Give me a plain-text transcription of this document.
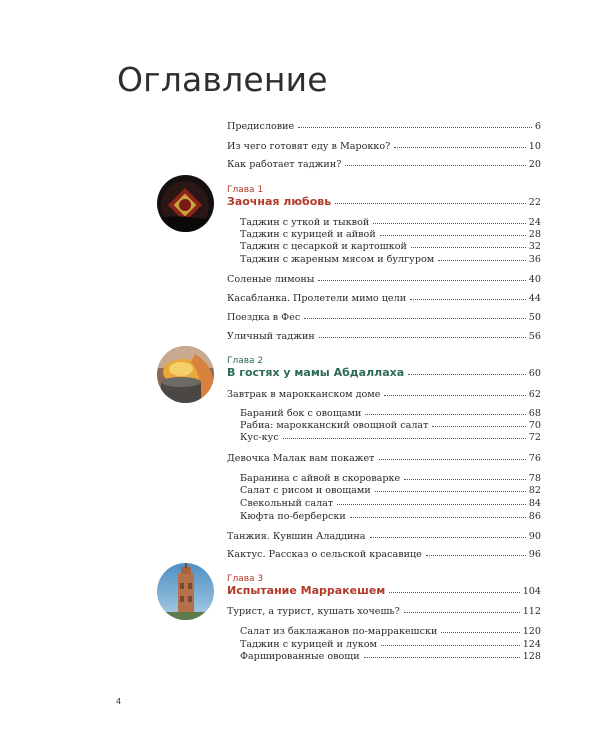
Оглавление
Предисловие	6
Из чего готовят еду в Марокко?	10
Как работает таджин?	20
Глава 1
Заочная любовь	22
Таджин с уткой и тыквой	24
Таджин с курицей и айвой	28
Таджин с цесаркой и картошкой	32
Таджин с жареным мясом и булгуром	36
Соленые лимоны	40
Касабланка. Пролетели мимо цели	44
Поездка в Фес	50
Уличный таджин	56
Глава 2
В гостях у мамы Абдаллаха	60
Завтрак в марокканском доме	62
Бараний бок с овощами	68
Рабиа: марокканский овощной салат	70
Кус-кус	72
Девочка Малак вам покажет	76
Баранина с айвой в скороварке	78
Салат с рисом и овощами	82
Свекольный салат	84
Кюфта по-берберски	86
Танжия. Кувшин Аладдина	90
Кактус. Рассказ о сельской красавице	96
Глава 3
Испытание Марракешем	104
Турист, а турист, кушать хочешь?	112
Салат из баклажанов по-марракешски	120
Таджин с курицей и луком	124
Фаршированные овощи	128
4
